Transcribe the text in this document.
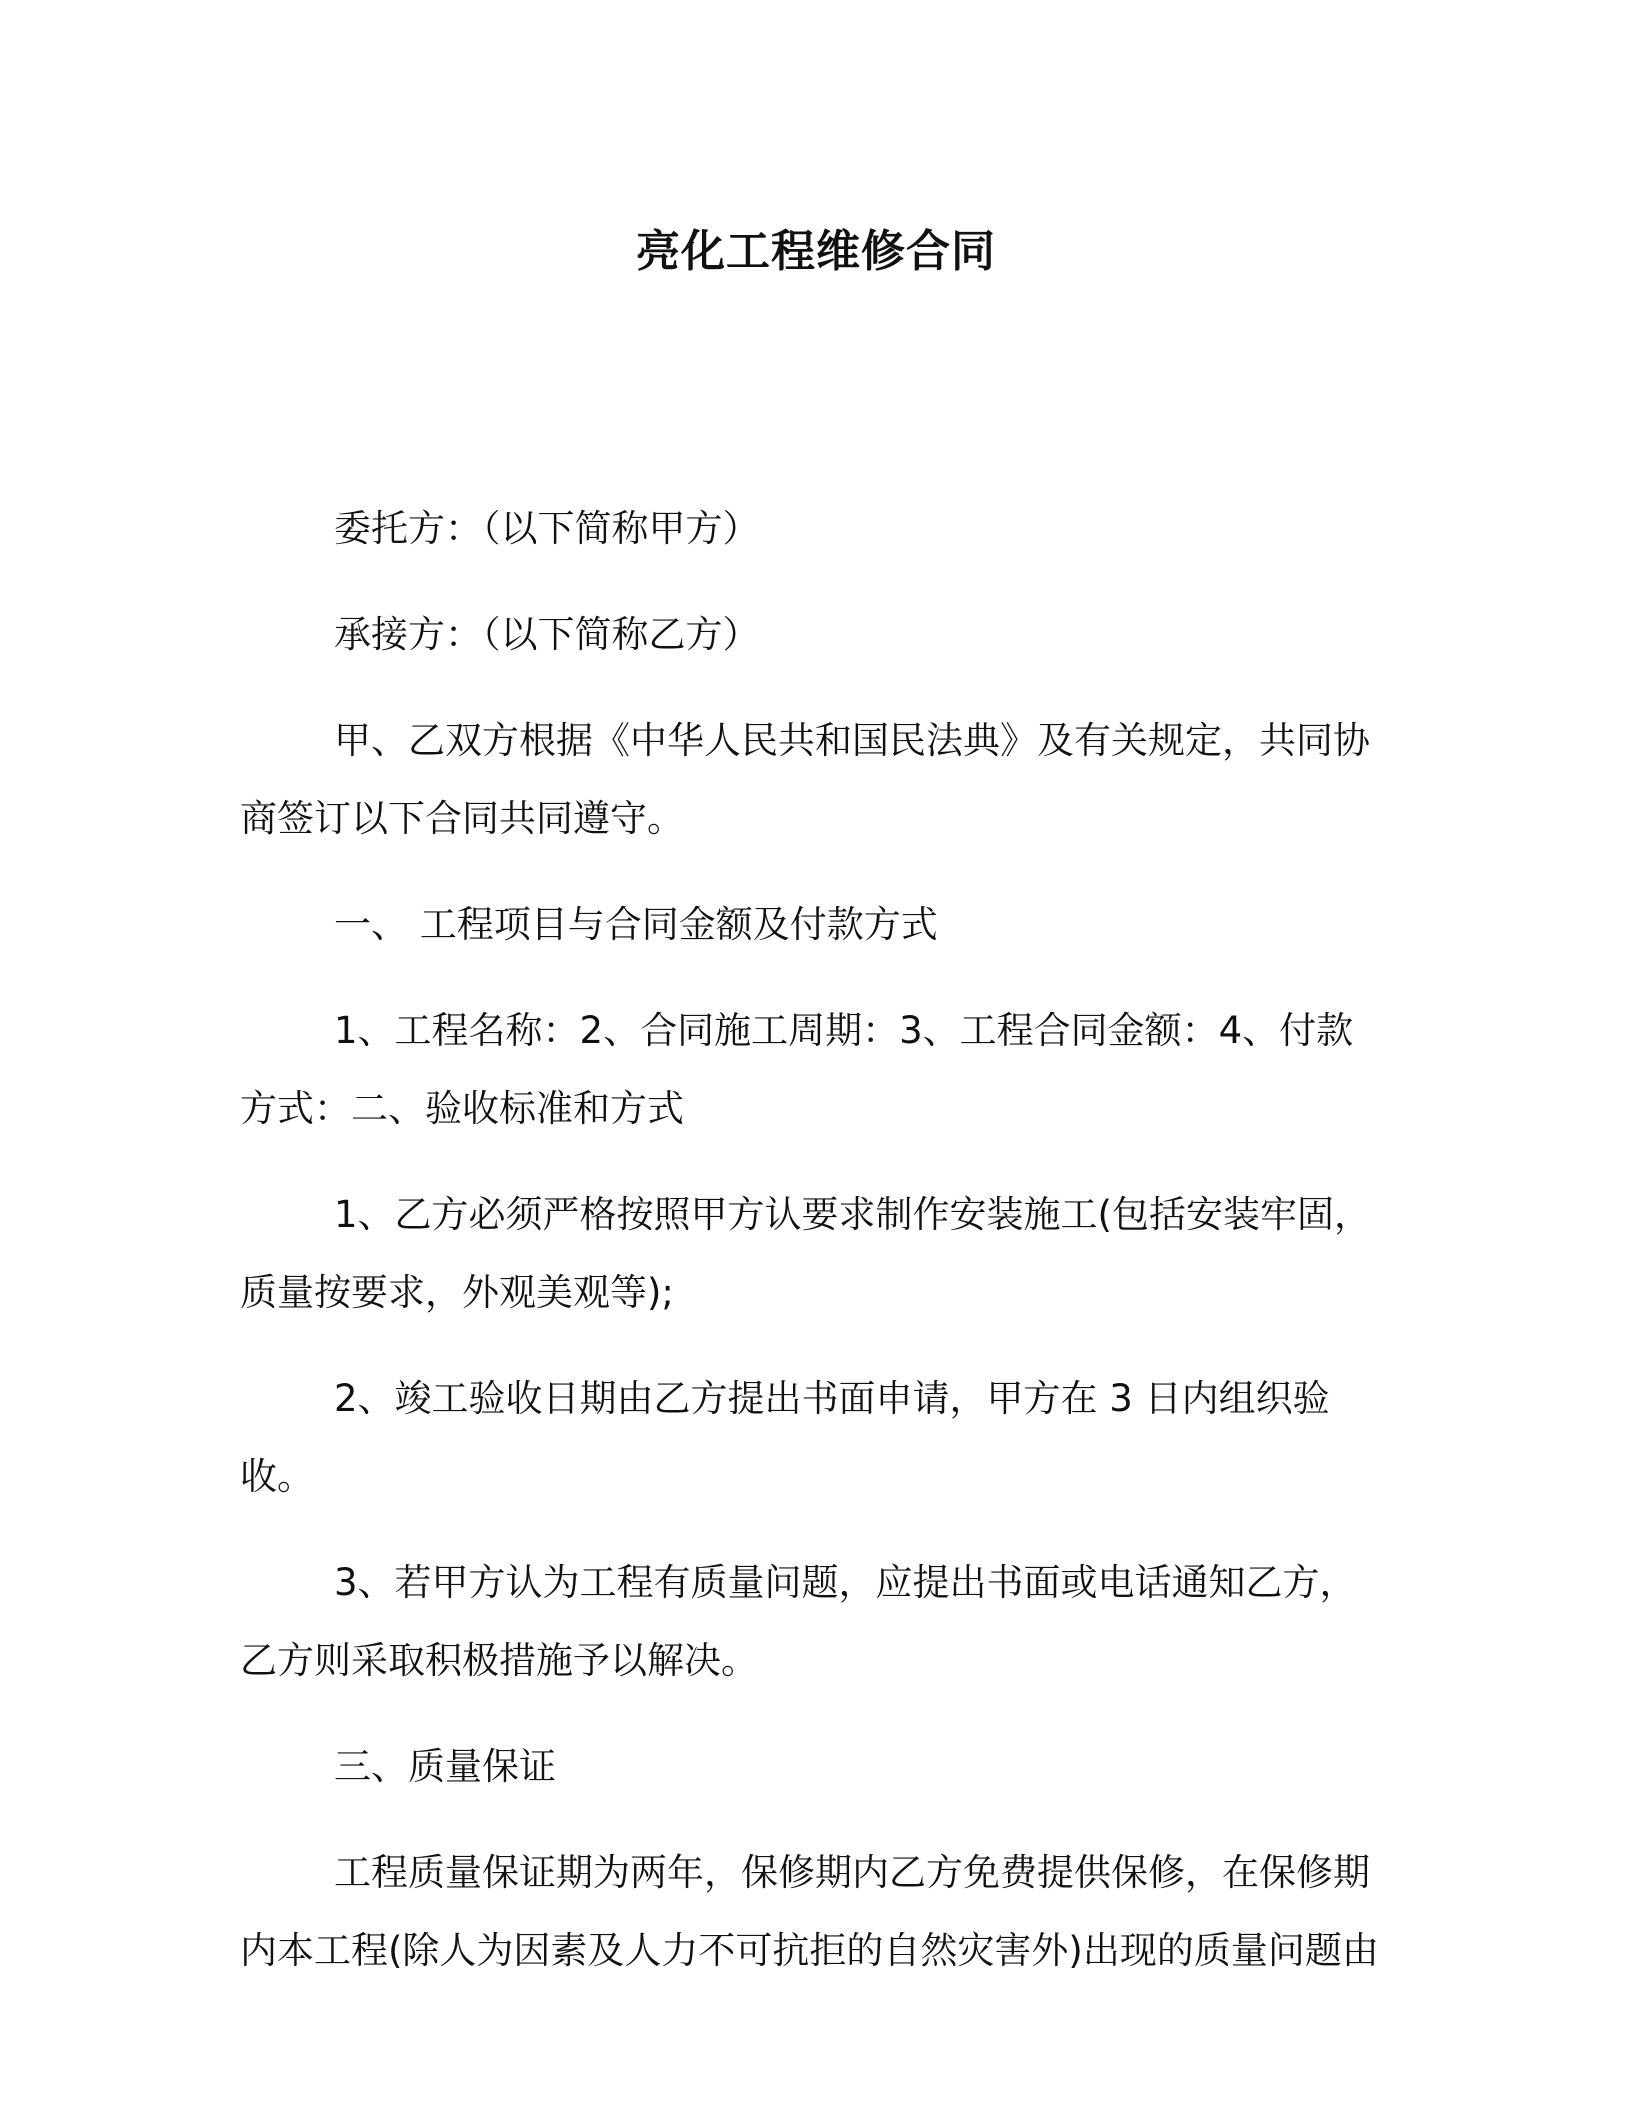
亮化工程维修合同

委托方：（以下简称甲方）

承接方：（以下简称乙方）

甲、乙双方根据《中华人民共和国民法典》及有关规定，共同协商签订以下合同共同遵守。

一、 工程项目与合同金额及付款方式

1、工程名称：2、合同施工周期：3、工程合同金额：4、付款方式：二、验收标准和方式

1、乙方必须严格按照甲方认要求制作安装施工(包括安装牢固，质量按要求，外观美观等);

2、竣工验收日期由乙方提出书面申请，甲方在 3 日内组织验收。

3、若甲方认为工程有质量问题，应提出书面或电话通知乙方，乙方则采取积极措施予以解决。

三、质量保证

工程质量保证期为两年，保修期内乙方免费提供保修，在保修期内本工程(除人为因素及人力不可抗拒的自然灾害外)出现的质量问题由
